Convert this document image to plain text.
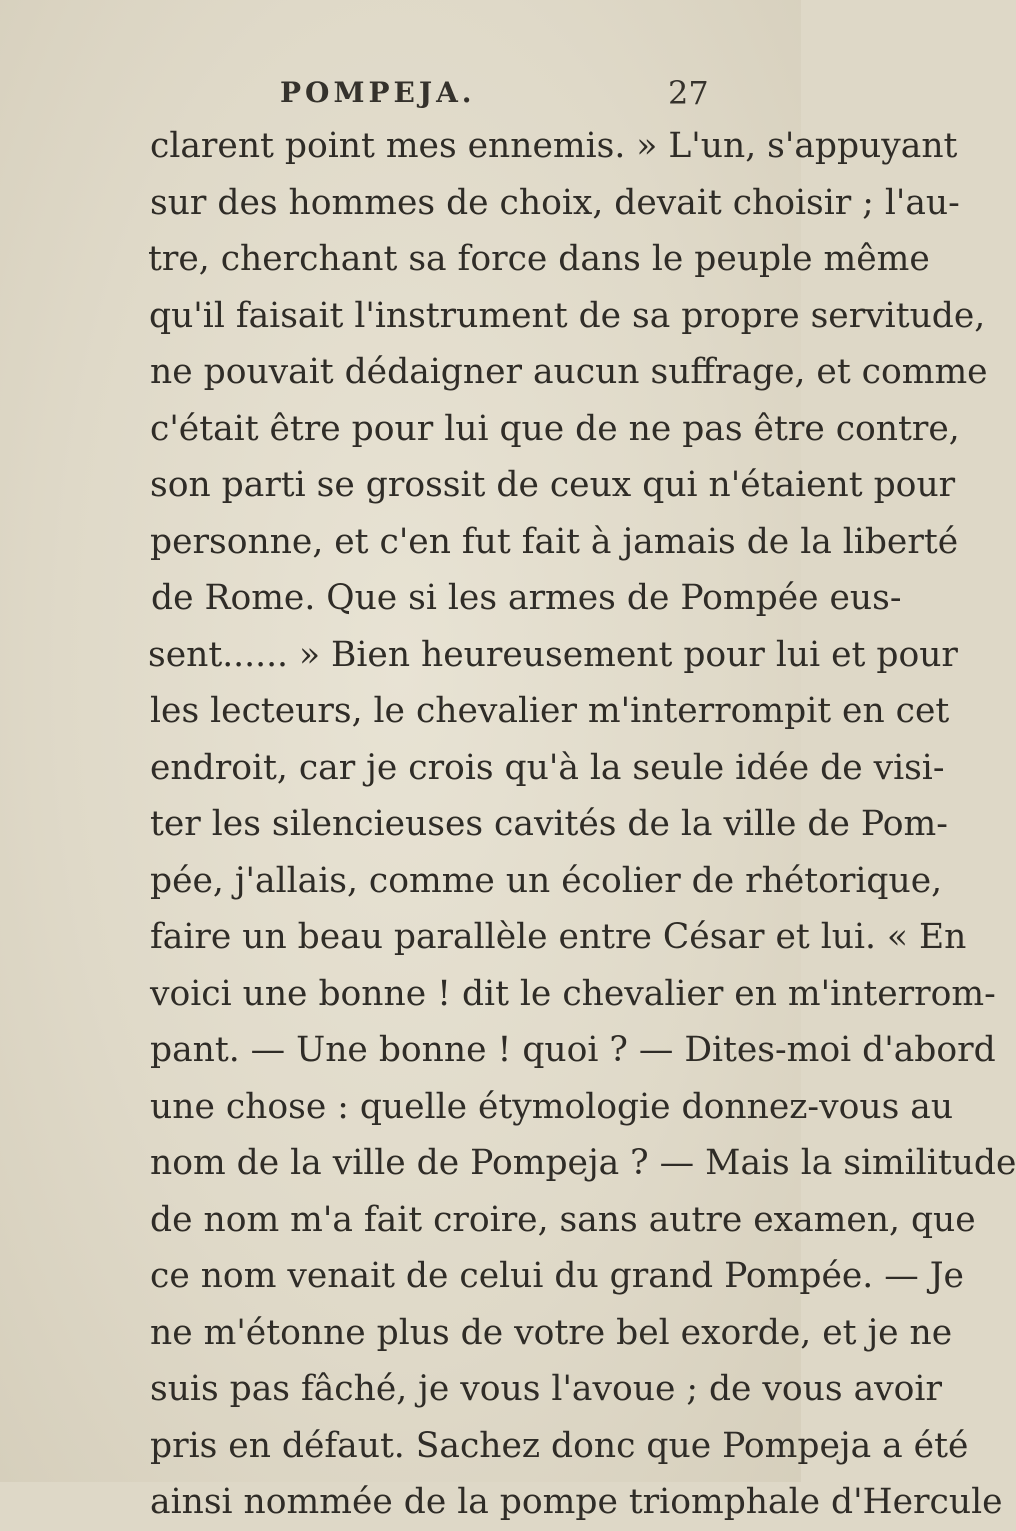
POMPEJA.	27
clarent point mes ennemis. » L'un, s'appuyant
sur des hommes de choix, devait choisir ; l'au-
tre, cherchant sa force dans le peuple même
qu'il faisait l'instrument de sa propre servitude,
ne pouvait dédaigner aucun suffrage, et comme
c'était être pour lui que de ne pas être contre,
son parti se grossit de ceux qui n'étaient pour
personne, et c'en fut fait à jamais de la liberté
de Rome. Que si les armes de Pompée eus-
sent...... » Bien heureusement pour lui et pour
les lecteurs, le chevalier m'interrompit en cet
endroit, car je crois qu'à la seule idée de visi-
ter les silencieuses cavités de la ville de Pom-
pée, j'allais, comme un écolier de rhétorique,
faire un beau parallèle entre César et lui. « En
voici une bonne ! dit le chevalier en m'interrom-
pant. — Une bonne ! quoi ? — Dites-moi d'abord
une chose : quelle étymologie donnez-vous au
nom de la ville de Pompeja ? — Mais la similitude
de nom m'a fait croire, sans autre examen, que
ce nom venait de celui du grand Pompée. — Je
ne m'étonne plus de votre bel exorde, et je ne
suis pas fâché, je vous l'avoue ; de vous avoir
pris en défaut. Sachez donc que Pompeja a été
ainsi nommée de la pompe triomphale d'Hercule
